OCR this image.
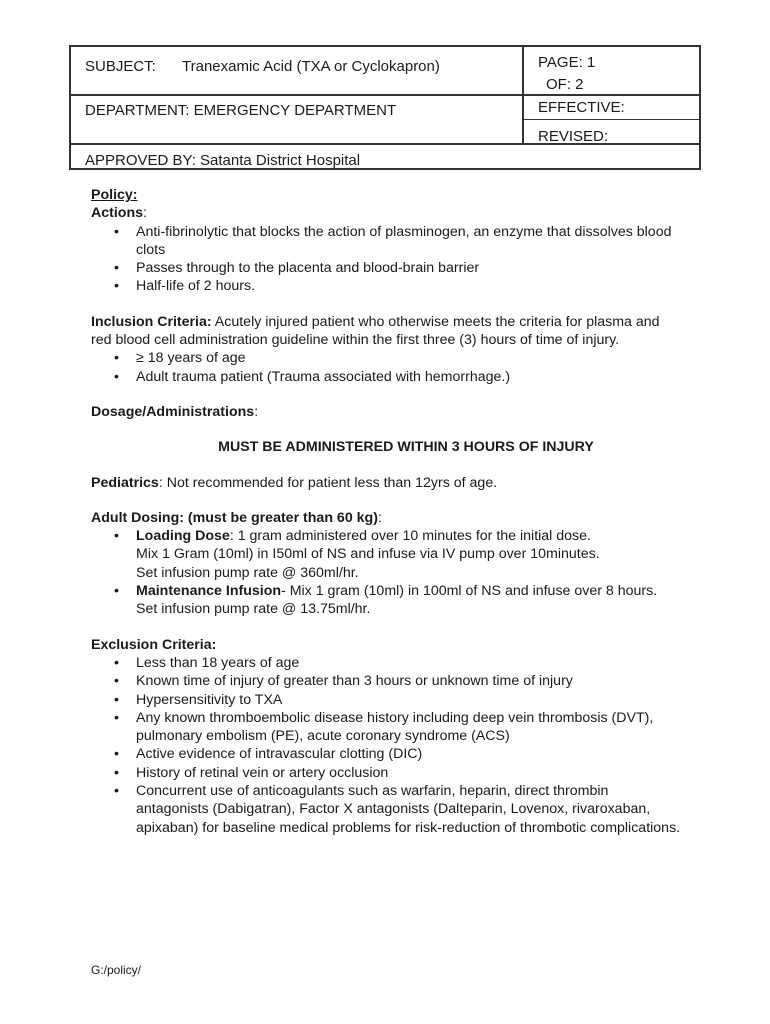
SUBJECT: Tranexamic Acid (TXA or Cyclokapron)	PAGE: 1
OF: 2
DEPARTMENT: EMERGENCY DEPARTMENT	EFFECTIVE:
REVISED:
APPROVED BY: Satanta District Hospital

Policy:

Actions:

• Anti-fibrinolytic that blocks the action of plasminogen, an enzyme that dissolves blood clots
• Passes through to the placenta and blood-brain barrier
• Half-life of 2 hours.

Inclusion Criteria: Acutely injured patient who otherwise meets the criteria for plasma and red blood cell administration guideline within the first three (3) hours of time of injury.

• ≥ 18 years of age
• Adult trauma patient (Trauma associated with hemorrhage.)

Dosage/Administrations:

MUST BE ADMINISTERED WITHIN 3 HOURS OF INJURY

Pediatrics: Not recommended for patient less than 12yrs of age.

Adult Dosing: (must be greater than 60 kg):

• Loading Dose: 1 gram administered over 10 minutes for the initial dose.
Mix 1 Gram (10ml) in I50ml of NS and infuse via IV pump over 10minutes.
Set infusion pump rate @ 360ml/hr.
• Maintenance Infusion- Mix 1 gram (10ml) in 100ml of NS and infuse over 8 hours.
Set infusion pump rate @ 13.75ml/hr.

Exclusion Criteria:

• Less than 18 years of age
• Known time of injury of greater than 3 hours or unknown time of injury
• Hypersensitivity to TXA
• Any known thromboembolic disease history including deep vein thrombosis (DVT), pulmonary embolism (PE), acute coronary syndrome (ACS)
• Active evidence of intravascular clotting (DIC)
• History of retinal vein or artery occlusion
• Concurrent use of anticoagulants such as warfarin, heparin, direct thrombin antagonists (Dabigatran), Factor X antagonists (Dalteparin, Lovenox, rivaroxaban, apixaban) for baseline medical problems for risk-reduction of thrombotic complications.
G:/policy/
